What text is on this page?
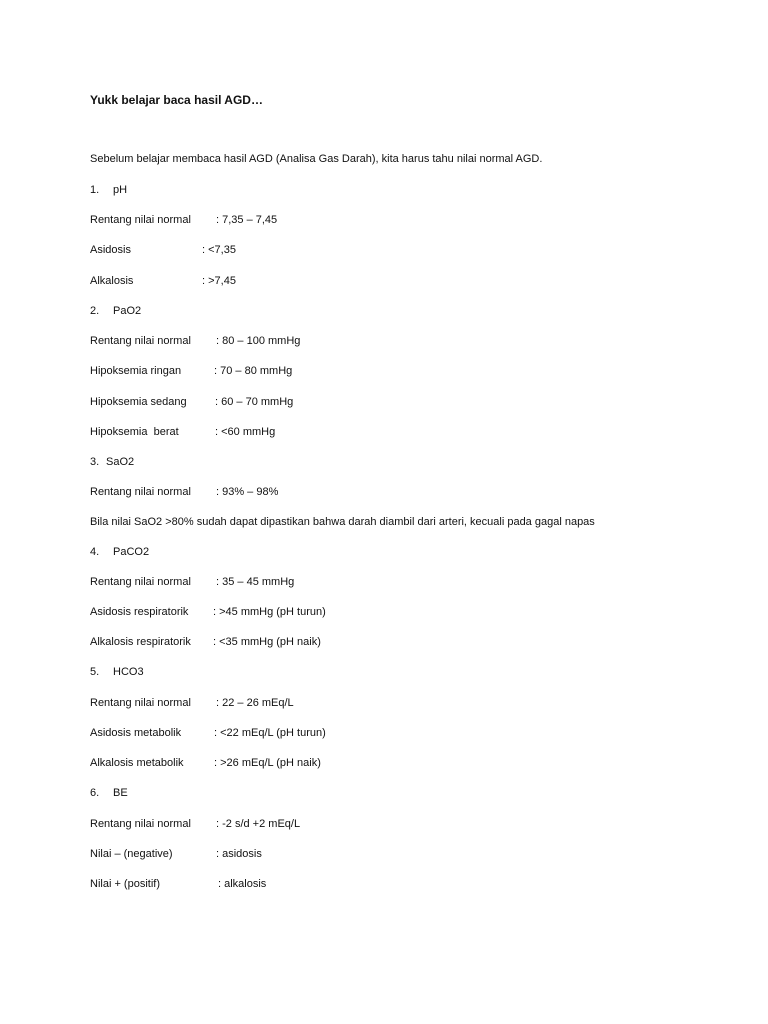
Yukk belajar baca hasil AGD…
Sebelum belajar membaca hasil AGD (Analisa Gas Darah), kita harus tahu nilai normal AGD.
1. pH
Rentang nilai normal : 7,35 – 7,45
Asidosis	: <7,35
Alkalosis	: >7,45
2. PaO2
Rentang nilai normal : 80 – 100 mmHg
Hipoksemia ringan	: 70 – 80 mmHg
Hipoksemia sedang	: 60 – 70 mmHg
Hipoksemia  berat	: <60 mmHg
3. SaO2
Rentang nilai normal : 93% – 98%
Bila nilai SaO2 >80% sudah dapat dipastikan bahwa darah diambil dari arteri, kecuali pada gagal napas
4. PaCO2
Rentang nilai normal : 35 – 45 mmHg
Asidosis respiratorik : >45 mmHg (pH turun)
Alkalosis respiratorik : <35 mmHg (pH naik)
5. HCO3
Rentang nilai normal : 22 – 26 mEq/L
Asidosis metabolik	: <22 mEq/L (pH turun)
Alkalosis metabolik	: >26 mEq/L (pH naik)
6. BE
Rentang nilai normal : -2 s/d +2 mEq/L
Nilai – (negative)	: asidosis
Nilai + (positif)	: alkalosis
